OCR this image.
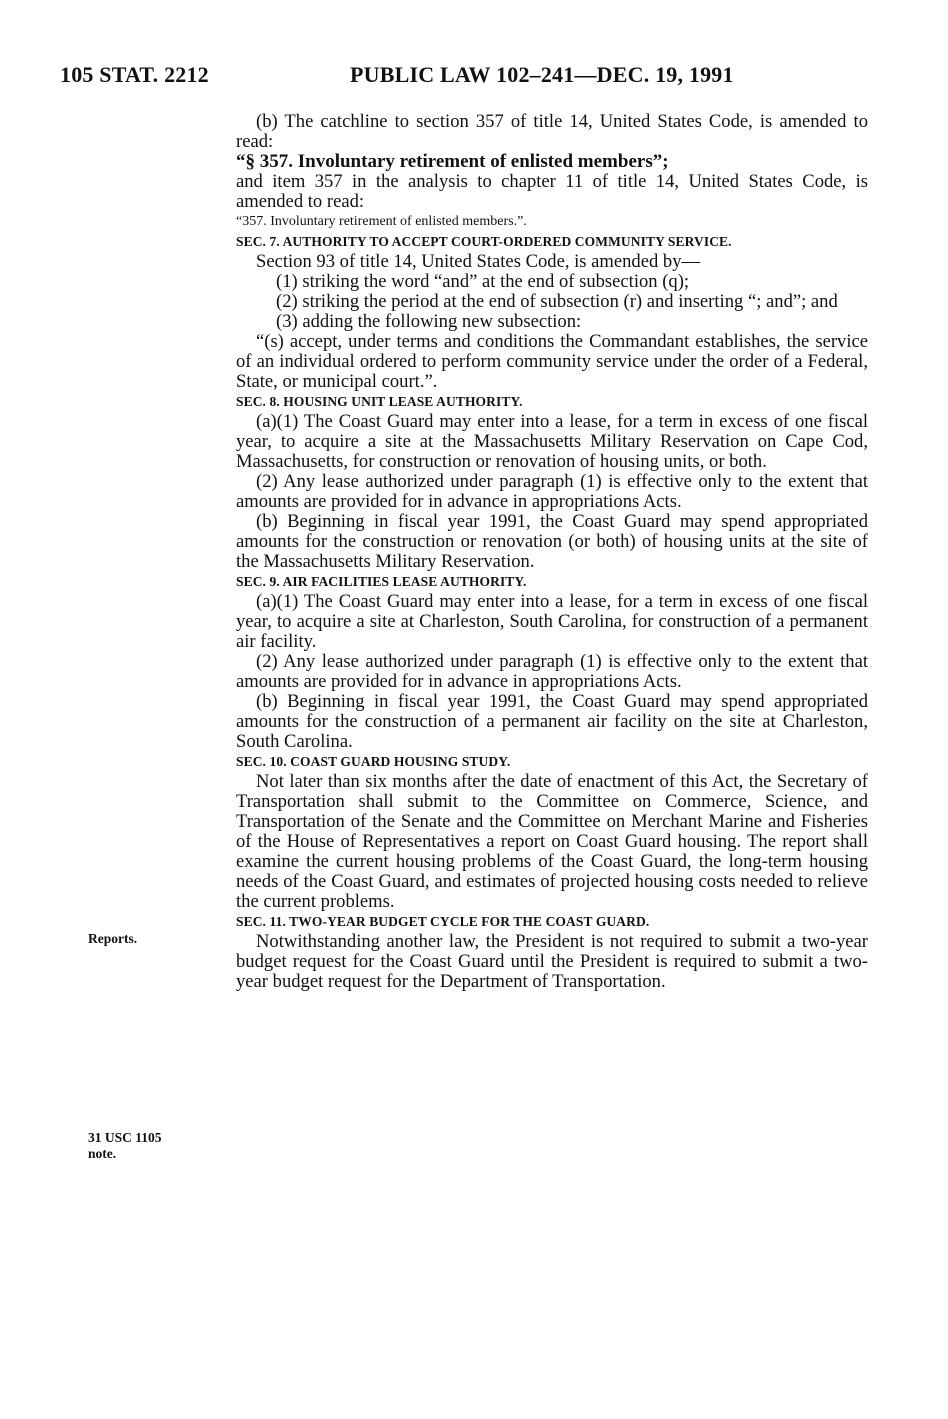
105 STAT. 2212	PUBLIC LAW 102–241—DEC. 19, 1991

(b) The catchline to section 357 of title 14, United States Code, is amended to read:

“§ 357. Involuntary retirement of enlisted members”;

and item 357 in the analysis to chapter 11 of title 14, United States Code, is amended to read:

“357. Involuntary retirement of enlisted members.”.

SEC. 7. AUTHORITY TO ACCEPT COURT-ORDERED COMMUNITY SERVICE.

Section 93 of title 14, United States Code, is amended by—

(1) striking the word “and” at the end of subsection (q);

(2) striking the period at the end of subsection (r) and inserting “; and”; and

(3) adding the following new subsection:

“(s) accept, under terms and conditions the Commandant establishes, the service of an individual ordered to perform community service under the order of a Federal, State, or municipal court.”.

SEC. 8. HOUSING UNIT LEASE AUTHORITY.

(a)(1) The Coast Guard may enter into a lease, for a term in excess of one fiscal year, to acquire a site at the Massachusetts Military Reservation on Cape Cod, Massachusetts, for construction or renovation of housing units, or both.

(2) Any lease authorized under paragraph (1) is effective only to the extent that amounts are provided for in advance in appropriations Acts.

(b) Beginning in fiscal year 1991, the Coast Guard may spend appropriated amounts for the construction or renovation (or both) of housing units at the site of the Massachusetts Military Reservation.

SEC. 9. AIR FACILITIES LEASE AUTHORITY.

(a)(1) The Coast Guard may enter into a lease, for a term in excess of one fiscal year, to acquire a site at Charleston, South Carolina, for construction of a permanent air facility.

(2) Any lease authorized under paragraph (1) is effective only to the extent that amounts are provided for in advance in appropriations Acts.

(b) Beginning in fiscal year 1991, the Coast Guard may spend appropriated amounts for the construction of a permanent air facility on the site at Charleston, South Carolina.

SEC. 10. COAST GUARD HOUSING STUDY.

Not later than six months after the date of enactment of this Act, the Secretary of Transportation shall submit to the Committee on Commerce, Science, and Transportation of the Senate and the Committee on Merchant Marine and Fisheries of the House of Representatives a report on Coast Guard housing. The report shall examine the current housing problems of the Coast Guard, the long-term housing needs of the Coast Guard, and estimates of projected housing costs needed to relieve the current problems.

SEC. 11. TWO-YEAR BUDGET CYCLE FOR THE COAST GUARD.

Notwithstanding another law, the President is not required to submit a two-year budget request for the Coast Guard until the President is required to submit a two-year budget request for the Department of Transportation.

Reports.
31 USC 1105
note.
